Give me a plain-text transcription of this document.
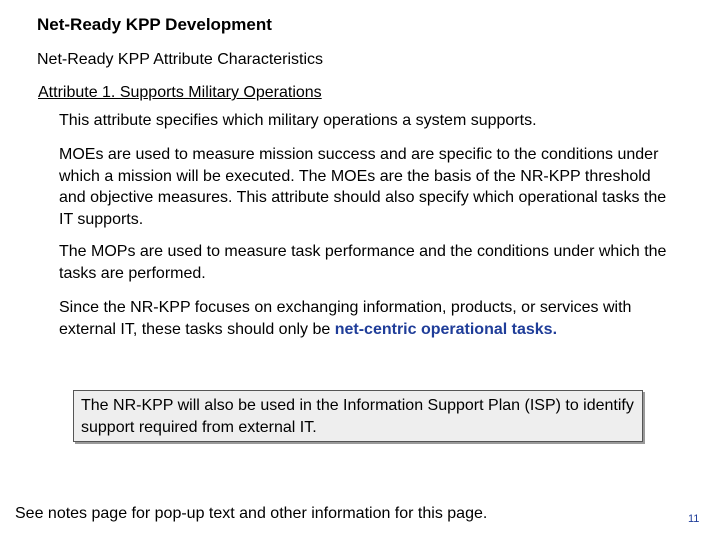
Net-Ready KPP Development
Net-Ready KPP Attribute Characteristics
Attribute 1. Supports Military Operations
This attribute specifies which military operations a system supports.
MOEs are used to measure mission success and are specific to the conditions under which a mission will be executed. The MOEs are the basis of the NR-KPP threshold and objective measures. This attribute should also specify which operational tasks the IT supports.
The MOPs are used to measure task performance and the conditions under which the tasks are performed.
Since the NR-KPP focuses on exchanging information, products, or services with external IT, these tasks should only be net-centric operational tasks.
The NR-KPP will also be used in the Information Support Plan (ISP) to identify support required from external IT.
See notes page for pop-up text and other information for this page.	11
